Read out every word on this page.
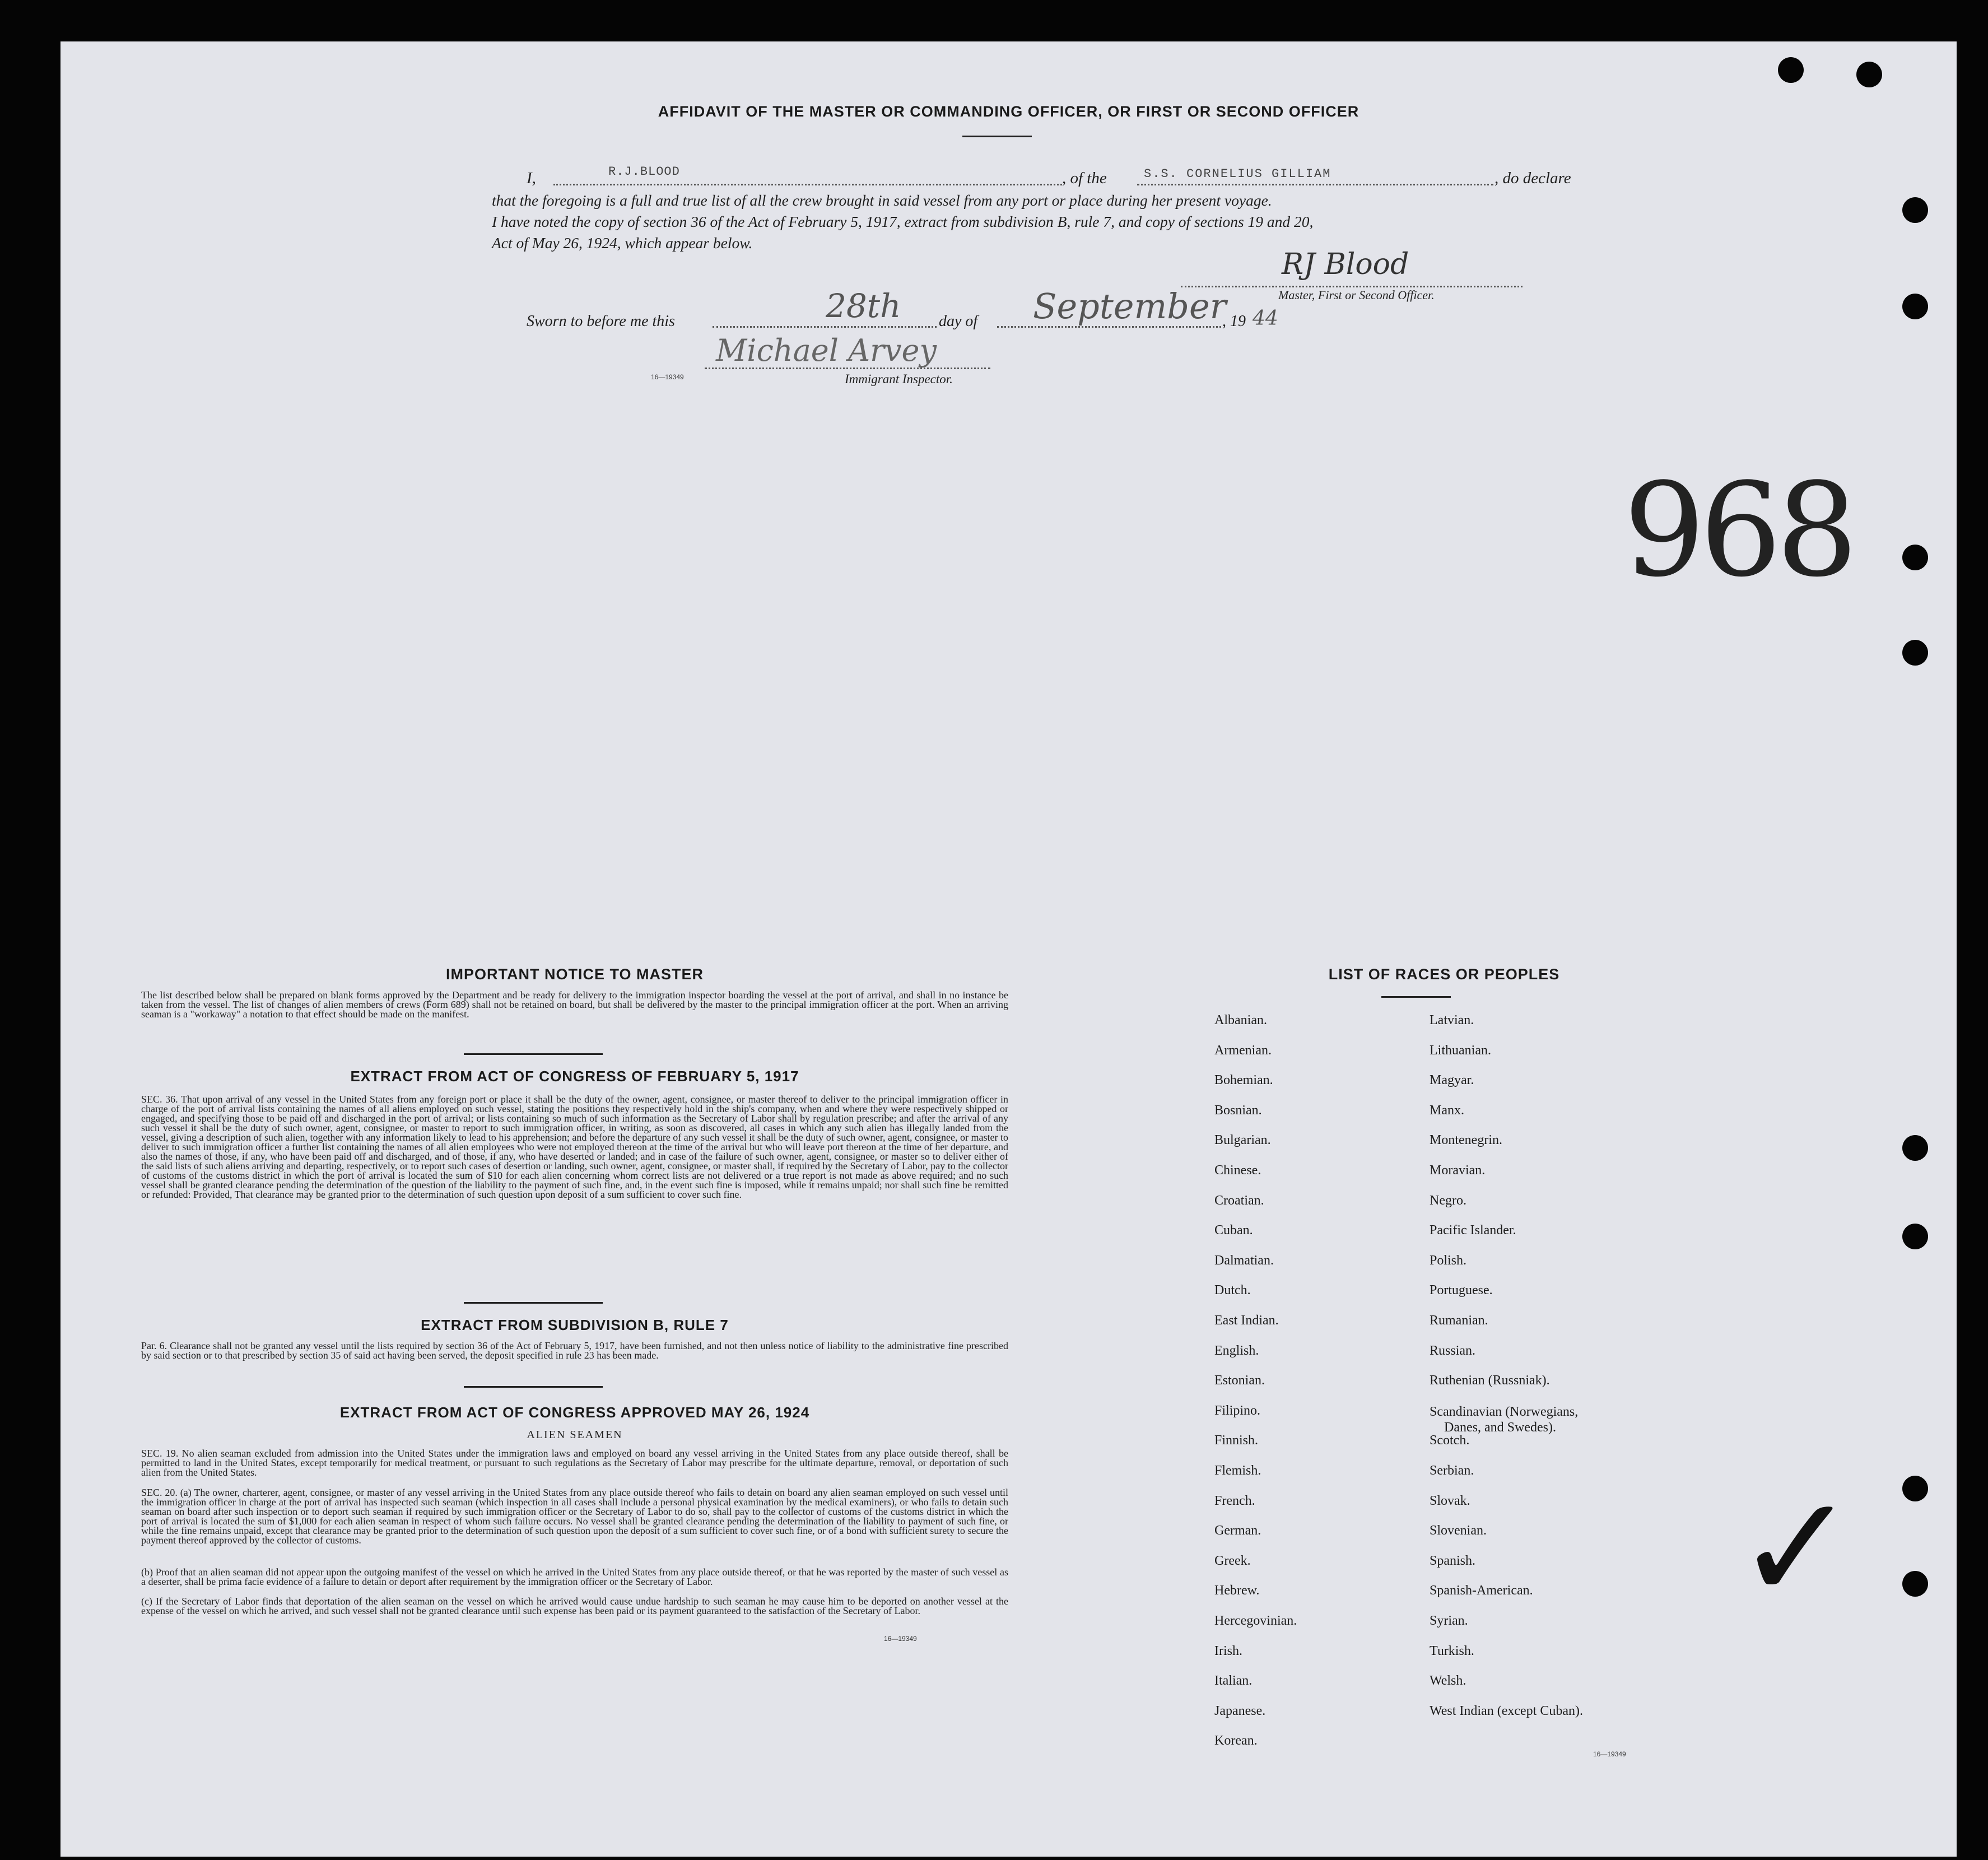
AFFIDAVIT OF THE MASTER OR COMMANDING OFFICER, OR FIRST OR SECOND OFFICER
I,	R.J.BLOOD	, of the	S.S. CORNELIUS GILLIAM	, do declare
that the foregoing is a full and true list of all the crew brought in said vessel from any port or place during her present voyage.
I have noted the copy of section 36 of the Act of February 5, 1917, extract from subdivision B, rule 7, and copy of sections 19 and 20,
Act of May 26, 1924, which appear below.
RJ Blood
Master, First or Second Officer.
Sworn to before me this	28th day of September
, 19 44
16—19349
Michael Arvey
Immigrant Inspector.
968
IMPORTANT NOTICE TO MASTER
The list described below shall be prepared on blank forms approved by the Department and be ready for delivery to the immigration inspector boarding the vessel at the port of arrival, and shall in no instance be taken from the vessel. The list of changes of alien members of crews (Form 689) shall not be retained on board, but shall be delivered by the master to the principal immigration officer at the port. When an arriving seaman is a "workaway" a notation to that effect should be made on the manifest.
EXTRACT FROM ACT OF CONGRESS OF FEBRUARY 5, 1917
SEC. 36. That upon arrival of any vessel in the United States from any foreign port or place it shall be the duty of the owner, agent, consignee, or master thereof to deliver to the principal immigration officer in charge of the port of arrival lists containing the names of all aliens employed on such vessel, stating the positions they respectively hold in the ship's company, when and where they were respectively shipped or engaged, and specifying those to be paid off and discharged in the port of arrival; or lists containing so much of such information as the Secretary of Labor shall by regulation prescribe; and after the arrival of any such vessel it shall be the duty of such owner, agent, consignee, or master to report to such immigration officer, in writing, as soon as discovered, all cases in which any such alien has illegally landed from the vessel, giving a description of such alien, together with any information likely to lead to his apprehension; and before the departure of any such vessel it shall be the duty of such owner, agent, consignee, or master to deliver to such immigration officer a further list containing the names of all alien employees who were not employed thereon at the time of the arrival but who will leave port thereon at the time of her departure, and also the names of those, if any, who have been paid off and discharged, and of those, if any, who have deserted or landed; and in case of the failure of such owner, agent, consignee, or master so to deliver either of the said lists of such aliens arriving and departing, respectively, or to report such cases of desertion or landing, such owner, agent, consignee, or master shall, if required by the Secretary of Labor, pay to the collector of customs of the customs district in which the port of arrival is located the sum of $10 for each alien concerning whom correct lists are not delivered or a true report is not made as above required; and no such vessel shall be granted clearance pending the determination of the question of the liability to the payment of such fine, and, in the event such fine is imposed, while it remains unpaid; nor shall such fine be remitted or refunded: Provided, That clearance may be granted prior to the determination of such question upon deposit of a sum sufficient to cover such fine.
EXTRACT FROM SUBDIVISION B, RULE 7
Par. 6. Clearance shall not be granted any vessel until the lists required by section 36 of the Act of February 5, 1917, have been furnished, and not then unless notice of liability to the administrative fine prescribed by said section or to that prescribed by section 35 of said act having been served, the deposit specified in rule 23 has been made.
EXTRACT FROM ACT OF CONGRESS APPROVED MAY 26, 1924
ALIEN SEAMEN
SEC. 19. No alien seaman excluded from admission into the United States under the immigration laws and employed on board any vessel arriving in the United States from any place outside thereof, shall be permitted to land in the United States, except temporarily for medical treatment, or pursuant to such regulations as the Secretary of Labor may prescribe for the ultimate departure, removal, or deportation of such alien from the United States.
SEC. 20. (a) The owner, charterer, agent, consignee, or master of any vessel arriving in the United States from any place outside thereof who fails to detain on board any alien seaman employed on such vessel until the immigration officer in charge at the port of arrival has inspected such seaman (which inspection in all cases shall include a personal physical examination by the medical examiners), or who fails to detain such seaman on board after such inspection or to deport such seaman if required by such immigration officer or the Secretary of Labor to do so, shall pay to the collector of customs of the customs district in which the port of arrival is located the sum of $1,000 for each alien seaman in respect of whom such failure occurs. No vessel shall be granted clearance pending the determination of the liability to payment of such fine, or while the fine remains unpaid, except that clearance may be granted prior to the determination of such question upon the deposit of a sum sufficient to cover such fine, or of a bond with sufficient surety to secure the payment thereof approved by the collector of customs.
(b) Proof that an alien seaman did not appear upon the outgoing manifest of the vessel on which he arrived in the United States from any place outside thereof, or that he was reported by the master of such vessel as a deserter, shall be prima facie evidence of a failure to detain or deport after requirement by the immigration officer or the Secretary of Labor.
(c) If the Secretary of Labor finds that deportation of the alien seaman on the vessel on which he arrived would cause undue hardship to such seaman he may cause him to be deported on another vessel at the expense of the vessel on which he arrived, and such vessel shall not be granted clearance until such expense has been paid or its payment guaranteed to the satisfaction of the Secretary of Labor.
16—19349
LIST OF RACES OR PEOPLES
16—19349
✓
Albanian.
Armenian.
Bohemian.
Bosnian.
Bulgarian.
Chinese.
Croatian.
Cuban.
Dalmatian.
Dutch.
East Indian.
English.
Estonian.
Filipino.
Finnish.
Flemish.
French.
German.
Greek.
Hebrew.
Hercegovinian.
Irish.
Italian.
Japanese.
Korean.
Latvian.
Lithuanian.
Magyar.
Manx.
Montenegrin.
Moravian.
Negro.
Pacific Islander.
Polish.
Portuguese.
Rumanian.
Russian.
Ruthenian (Russniak).
Scandinavian (Norwegians,
Danes, and Swedes).
Scotch.
Serbian.
Slovak.
Slovenian.
Spanish.
Spanish-American.
Syrian.
Turkish.
Welsh.
West Indian (except Cuban).
